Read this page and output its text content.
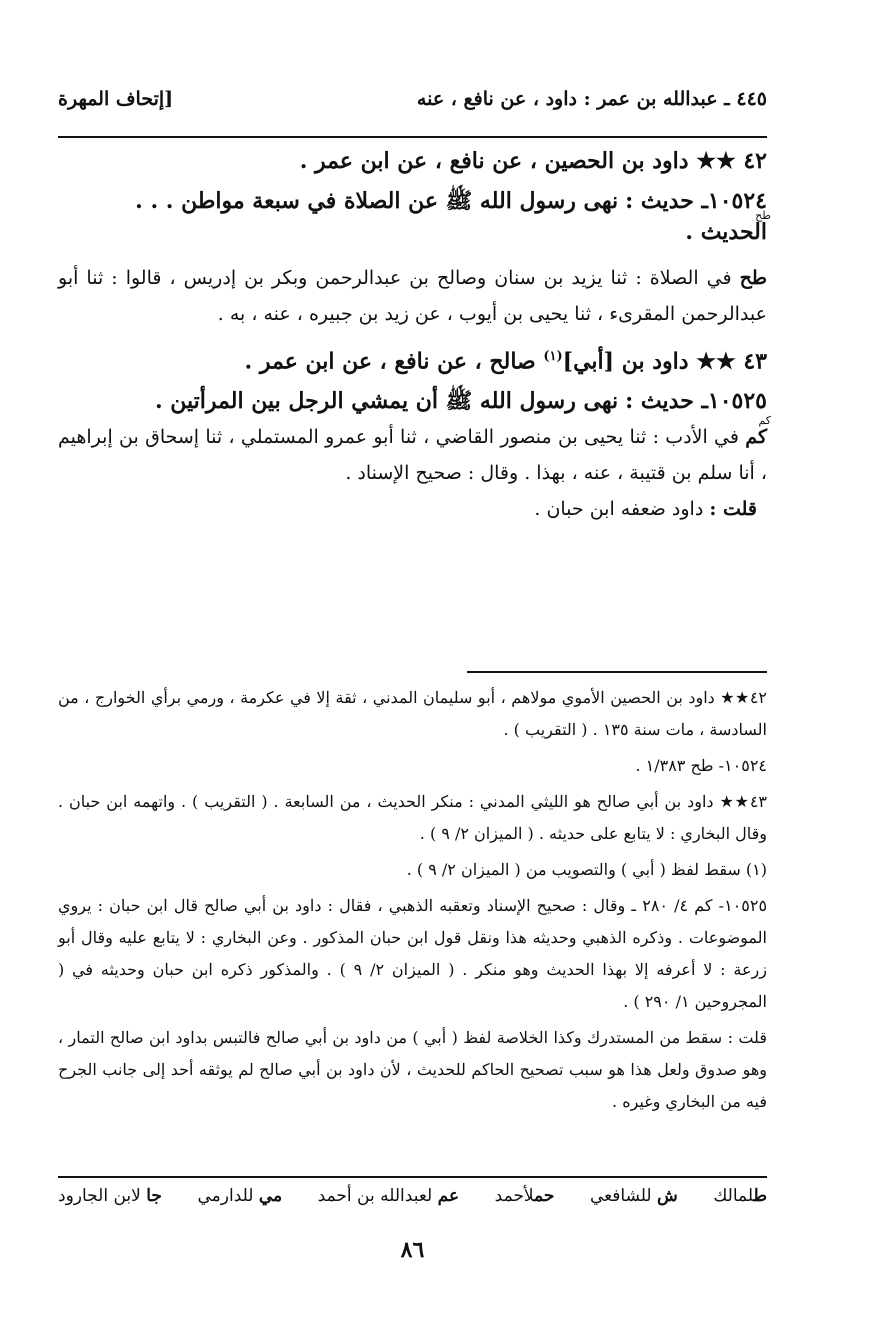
٤٤٥ ـ عبدالله بن عمر : داود ، عن نافع ، عنه
[إتحاف المهرة
٤٢ ★★ داود بن الحصين ، عن نافع ، عن ابن عمر .

١٠٥٢٤ـ حديث : نهى رسول الله ﷺ عن الصلاة في سبعة مواطن . . .

طح
الحديث .

طح في الصلاة : ثنا يزيد بن سنان وصالح بن عبدالرحمن وبكر بن إدريس ، قالوا : ثنا أبو عبدالرحمن المقرىء ، ثنا يحيى بن أيوب ، عن زيد بن جبيره ، عنه ، به .

٤٣ ★★ داود بن [أبي]$^{(١)}$ صالح ، عن نافع ، عن ابن عمر .

١٠٥٢٥ـ حديث : نهى رسول الله ﷺ أن يمشي الرجل بين المرأتين .

كم
كم في الأدب : ثنا يحيى بن منصور القاضي ، ثنا أبو عمرو المستملي ، ثنا إسحاق بن إبراهيم ، أنا سلم بن قتيبة ، عنه ، بهذا . وقال : صحيح الإسناد .

قلت : داود ضعفه ابن حبان .

٤٢★★ داود بن الحصين الأموي مولاهم ، أبو سليمان المدني ، ثقة إلا في عكرمة ، ورمي برأي الخوارج ، من السادسة ، مات سنة ١٣٥ . ( التقريب ) .

١٠٥٢٤- طح ١/٣٨٣ .

٤٣★★ داود بن أبي صالح هو الليثي المدني : منكر الحديث ، من السابعة . ( التقريب ) . واتهمه ابن حبان . وقال البخاري : لا يتابع على حديثه . ( الميزان ٢/ ٩ ) .

(١) سقط لفظ ( أبي ) والتصويب من ( الميزان ٢/ ٩ ) .

١٠٥٢٥- كم ٤/ ٢٨٠ ـ وقال : صحيح الإسناد وتعقبه الذهبي ، فقال : داود بن أبي صالح قال ابن حبان : يروي الموضوعات . وذكره الذهبي وحديثه هذا ونقل قول ابن حبان المذكور . وعن البخاري : لا يتابع عليه وقال أبو زرعة : لا أعرفه إلا بهذا الحديث وهو منكر . ( الميزان ٢/ ٩ ) . والمذكور ذكره ابن حبان وحديثه في ( المجروحين ١/ ٢٩٠ ) .

قلت : سقط من المستدرك وكذا الخلاصة لفظ ( أبي ) من داود بن أبي صالح فالتبس بداود ابن صالح التمار ، وهو صدوق ولعل هذا هو سبب تصحيح الحاكم للحديث ، لأن داود بن أبي صالح لم يوثقه أحد إلى جانب الجرح فيه من البخاري وغيره .

طلمالك
ش للشافعي
حملأحمد
عم لعبدالله بن أحمد
مي للدارمي
جا لابن الجارود
٨٦
